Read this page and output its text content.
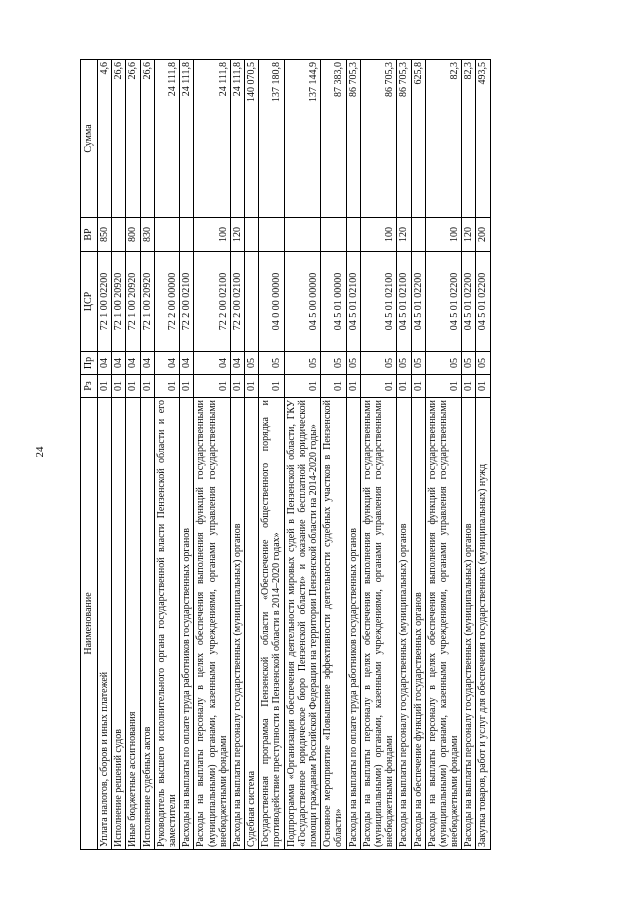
24
Наименование	Рз	Пр	ЦСР	ВР	Сумма
Уплата налогов, сборов и иных платежей	01	04	72 1 00 02200	850	4,6
Исполнение решений судов	01	04	72 1 00 20920		26,6
Иные бюджетные ассигнования	01	04	72 1 00 20920	800	26,6
Исполнение судебных актов	01	04	72 1 00 20920	830	26,6
Руководитель высшего исполнительного органа государственной власти Пензенской области и его заместители	01	04	72 2 00 00000		24 111,8
Расходы на выплаты по оплате труда работников государственных органов	01	04	72 2 00 02100		24 111,8
Расходы на выплаты персоналу в целях обеспечения выполнения функций государственными (муниципальными) органами, казенными учреждениями, органами управления государственными внебюджетными фондами	01	04	72 2 00 02100	100	24 111,8
Расходы на выплаты персоналу государственных (муниципальных) органов	01	04	72 2 00 02100	120	24 111,8
Судебная система	01	05			140 070,5
Государственная программа Пензенской области «Обеспечение общественного порядка и противодействие преступности в Пензенской области в 2014–2020 годах»	01	05	04 0 00 00000		137 180,8
Подпрограмма «Организация обеспечения деятельности мировых судей в Пензенской области, ГКУ «Государственное юридическое бюро Пензенской области» и оказание бесплатной юридической помощи гражданам Российской Федерации на территории Пензенской области на 2014-2020 годы»	01	05	04 5 00 00000		137 144,9
Основное мероприятие «Повышение эффективности деятельности судебных участков в Пензенской области»	01	05	04 5 01 00000		87 383,0
Расходы на выплаты по оплате труда работников государственных органов	01	05	04 5 01 02100		86 705,3
Расходы на выплаты персоналу в целях обеспечения выполнения функций государственными (муниципальными) органами, казенными учреждениями, органами управления государственными внебюджетными фондами	01	05	04 5 01 02100	100	86 705,3
Расходы на выплаты персоналу государственных (муниципальных) органов	01	05	04 5 01 02100	120	86 705,3
Расходы на обеспечение функций государственных органов	01	05	04 5 01 02200		625,8
Расходы на выплаты персоналу в целях обеспечения выполнения функций государственными (муниципальными) органами, казенными учреждениями, органами управления государственными внебюджетными фондами	01	05	04 5 01 02200	100	82,3
Расходы на выплаты персоналу государственных (муниципальных) органов	01	05	04 5 01 02200	120	82,3
Закупка товаров, работ и услуг для обеспечения государственных (муниципальных) нужд	01	05	04 5 01 02200	200	493,5
